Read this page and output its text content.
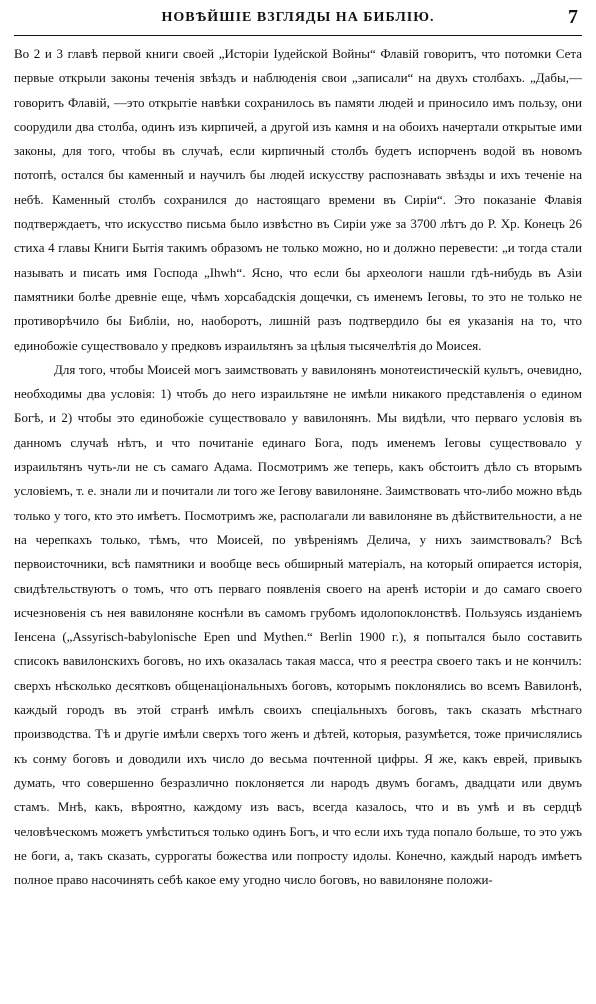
НОВѢЙШІЕ ВЗГЛЯДЫ НА БИБЛІЮ.	7

Во 2 и 3 главѣ первой книги своей „Исторіи Іудейской Войны“ Флавій говоритъ, что потомки Сета первые открыли законы теченія звѣздъ и наблюденія свои „записали“ на двухъ столбахъ. „Дабы,—говоритъ Флавій, —это открытіе навѣки сохранилось въ памяти людей и приносило имъ пользу, они соорудили два столба, одинъ изъ кирпичей, а другой изъ камня и на обоихъ начертали открытые ими законы, для того, чтобы въ случаѣ, если кирпичный столбъ будетъ испорченъ водой въ новомъ потопѣ, остался бы каменный и научилъ бы людей искусству распознавать звѣзды и ихъ теченіе на небѣ. Каменный столбъ сохранился до настоящаго времени въ Сиріи“. Это показаніе Флавія подтверждаетъ, что искусство письма было извѣстно въ Сиріи уже за 3700 лѣтъ до Р. Хр. Конецъ 26 стиха 4 главы Книги Бытія такимъ образомъ не только можно, но и должно перевести: „и тогда стали называть и писать имя Господа „Ihwh“. Ясно, что если бы археологи нашли гдѣ-нибудь въ Азіи памятники болѣе древніе еще, чѣмъ хорсабадскія дощечки, съ именемъ Іеговы, то это не только не противорѣчило бы Библіи, но, наоборотъ, лишній разъ подтвердило бы ея указанія на то, что единобожіе существовало у предковъ израильтянъ за цѣлыя тысячелѣтія до Моисея.

Для того, чтобы Моисей могъ заимствовать у вавилонянъ монотеистическій культъ, очевидно, необходимы два условія: 1) чтобъ до него израильтяне не имѣли никакого представленія о едином Богѣ, и 2) чтобы это единобожіе существовало у вавилонянъ. Мы видѣли, что перваго условія въ данномъ случаѣ нѣтъ, и что почитаніе единаго Бога, подъ именемъ Іеговы существовало у израильтянъ чуть-ли не съ самаго Адама. Посмотримъ же теперь, какъ обстоитъ дѣло съ вторымъ условіемъ, т. е. знали ли и почитали ли того же Іегову вавилоняне. Заимствовать что-либо можно вѣдь только у того, кто это имѣетъ. Посмотримъ же, располагали ли вавилоняне въ дѣйствительности, а не на черепкахъ только, тѣмъ, что Моисей, по увѣреніямъ Делича, у нихъ заимствовалъ? Всѣ первоисточники, всѣ памятники и вообще весь обширный матеріалъ, на который опирается исторія, свидѣтельствуютъ о томъ, что отъ перваго появленія своего на аренѣ исторіи и до самаго своего исчезновенія съ нея вавилоняне коснѣли въ самомъ грубомъ идолопоклонствѣ. Пользуясь изданіемъ Іенсена („Assyrisch-babylonische Epen und Mythen.“ Berlin 1900 г.), я попытался было составить списокъ вавилонскихъ боговъ, но ихъ оказалась такая масса, что я реестра своего такъ и не кончилъ: сверхъ нѣсколько десятковъ общенаціональныхъ боговъ, которымъ поклонялись во всемъ Вавилонѣ, каждый городъ въ этой странѣ имѣлъ своихъ спеціальныхъ боговъ, такъ сказать мѣстнаго производства. Тѣ и другіе имѣли сверхъ того женъ и дѣтей, которыя, разумѣется, тоже причислялись къ сонму боговъ и доводили ихъ число до весьма почтенной цифры. Я же, какъ еврей, привыкъ думать, что совершенно безразлично поклоняется ли народъ двумъ богамъ, двадцати или двумъ стамъ. Мнѣ, какъ, вѣроятно, каждому изъ васъ, всегда казалось, что и въ умѣ и въ сердцѣ человѣческомъ можетъ умѣститься только одинъ Богъ, и что если ихъ туда попало больше, то это ужъ не боги, а, такъ сказать, суррогаты божества или попросту идолы. Конечно, каждый народъ имѣетъ полное право насочинять себѣ какое ему угодно число боговъ, но вавилоняне положи-
